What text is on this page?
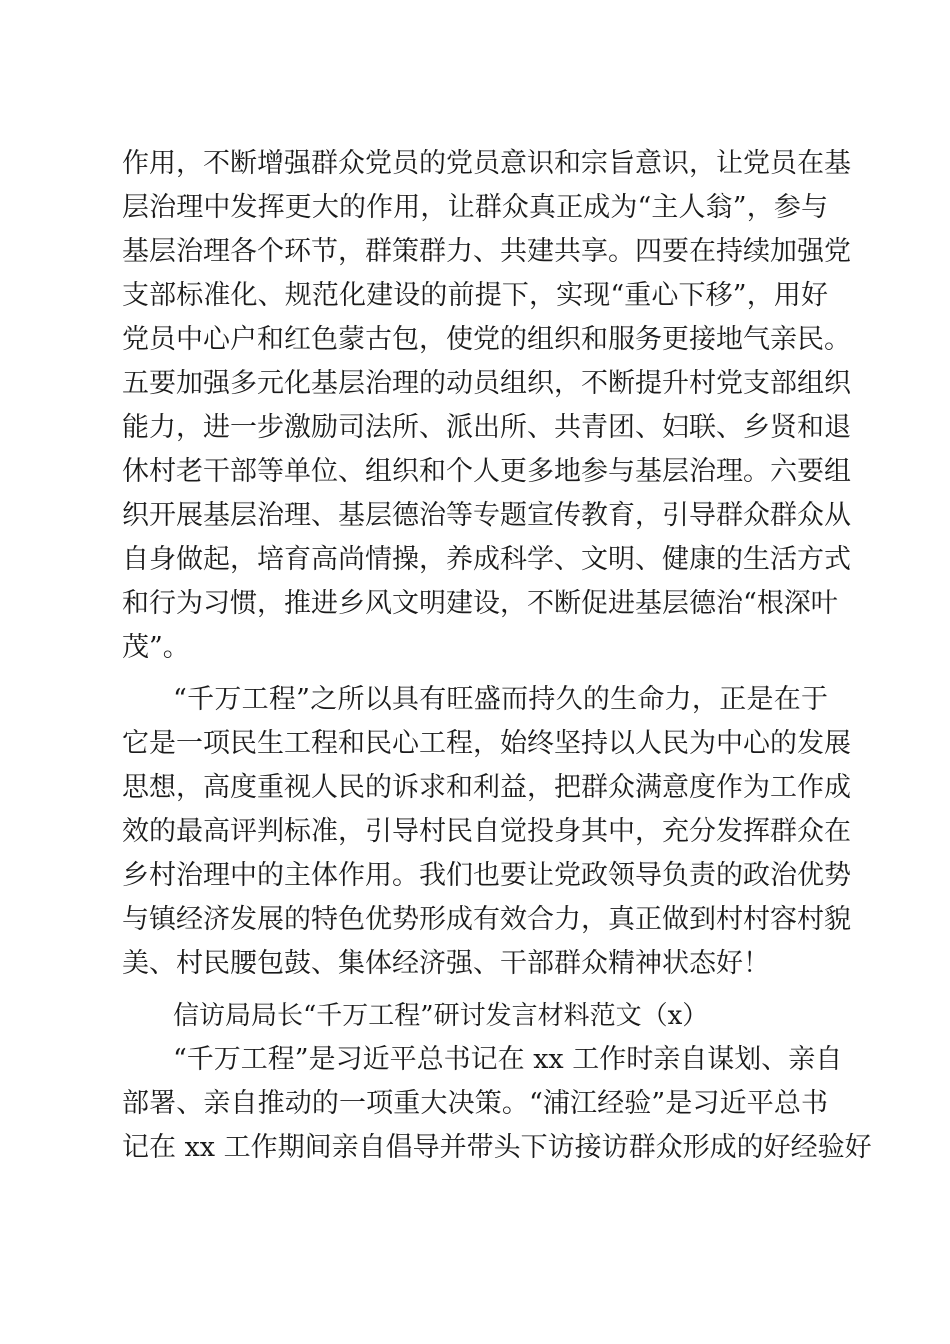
作用，不断增强群众党员的党员意识和宗旨意识，让党员在基
层治理中发挥更大的作用，让群众真正成为“主人翁”，参与
基层治理各个环节，群策群力、共建共享。四要在持续加强党
支部标准化、规范化建设的前提下，实现“重心下移”，用好
党员中心户和红色蒙古包，使党的组织和服务更接地气亲民。
五要加强多元化基层治理的动员组织，不断提升村党支部组织
能力，进一步激励司法所、派出所、共青团、妇联、乡贤和退
休村老干部等单位、组织和个人更多地参与基层治理。六要组
织开展基层治理、基层德治等专题宣传教育，引导群众群众从
自身做起，培育高尚情操，养成科学、文明、健康的生活方式
和行为习惯，推进乡风文明建设，不断促进基层德治“根深叶
茂”。
“千万工程”之所以具有旺盛而持久的生命力，正是在于
它是一项民生工程和民心工程，始终坚持以人民为中心的发展
思想，高度重视人民的诉求和利益，把群众满意度作为工作成
效的最高评判标准，引导村民自觉投身其中，充分发挥群众在
乡村治理中的主体作用。我们也要让党政领导负责的政治优势
与镇经济发展的特色优势形成有效合力，真正做到村村容村貌
美、村民腰包鼓、集体经济强、干部群众精神状态好！
信访局局长“千万工程”研讨发言材料范文（x）
“千万工程”是习近平总书记在 xx 工作时亲自谋划、亲自
部署、亲自推动的一项重大决策。“浦江经验”是习近平总书
记在 xx 工作期间亲自倡导并带头下访接访群众形成的好经验好
